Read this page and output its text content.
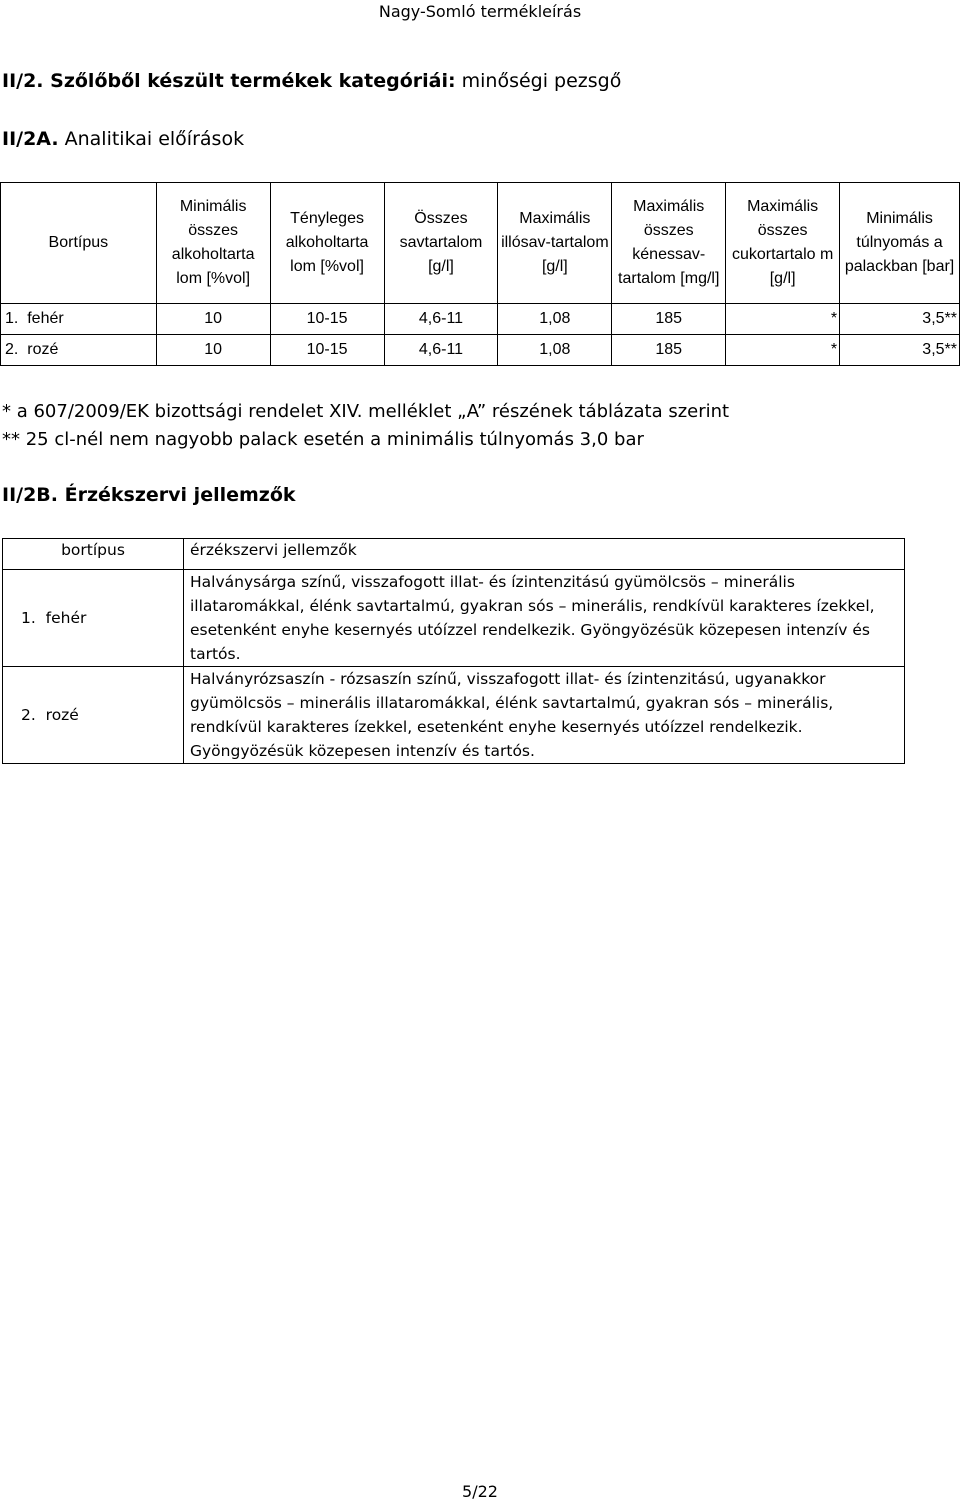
Nagy-Somló termékleírás
II/2. Szőlőből készült termékek kategóriái: minőségi pezsgő
II/2A. Analitikai előírások
Bortípus	Minimális összes alkoholtarta lom [%vol]	Tényleges alkoholtarta lom [%vol]	Összes savtartalom [g/l]	Maximális illósav-tartalom [g/l]	Maximális összes kénessav-tartalom [mg/l]	Maximális összes cukortartalo m [g/l]	Minimális túlnyomás a palackban [bar]
1. fehér	10	10-15	4,6-11	1,08	185	*	3,5**
2. rozé	10	10-15	4,6-11	1,08	185	*	3,5**
* a 607/2009/EK bizottsági rendelet XIV. melléklet „A” részének táblázata szerint
** 25 cl-nél nem nagyobb palack esetén a minimális túlnyomás 3,0 bar
II/2B. Érzékszervi jellemzők
bortípus	érzékszervi jellemzők
1. fehér	Halványsárga színű, visszafogott illat- és ízintenzitású gyümölcsös – minerális illataromákkal, élénk savtartalmú, gyakran sós – minerális, rendkívül karakteres ízekkel, esetenként enyhe kesernyés utóízzel rendelkezik. Gyöngyözésük közepesen intenzív és tartós.
2. rozé	Halványrózsaszín - rózsaszín színű, visszafogott illat- és ízintenzitású, ugyanakkor gyümölcsös – minerális illataromákkal, élénk savtartalmú, gyakran sós – minerális, rendkívül karakteres ízekkel, esetenként enyhe kesernyés utóízzel rendelkezik. Gyöngyözésük közepesen intenzív és tartós.
5/22
